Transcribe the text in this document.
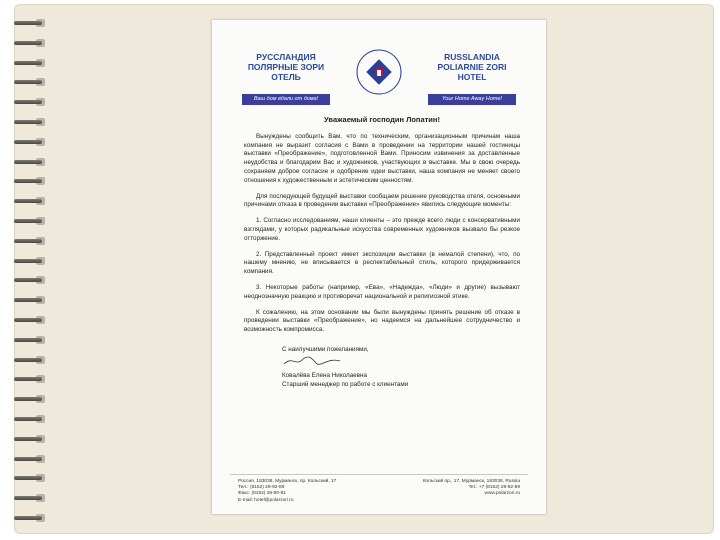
РУССЛАНДИЯ
ПОЛЯРНЫЕ ЗОРИ
ОТЕЛЬ
Ваш дом вдали от дома!
RUSSLANDIA
POLIARNIE ZORI
HOTEL
Your Home Away Home!
Уважаемый господин Лопатин!

Вынуждены сообщить Вам, что по техническим, организационным причинам наша компания не выразит согласия с Вами в проведении на территории нашей гостиницы выставки «Преображение», подготовленной Вами. Приносим извинения за доставленные неудобства и благодарим Вас и художников, участвующих в выставке. Мы в свою очередь сохраняем доброе согласие и одобрение идеи выставки, наша компания не меняет своего отношения к художественным и эстетическим ценностям.

Для последующей будущей выставки сообщаем решение руководства отеля, основными причинами отказа в проведении выставки «Преображение» явились следующие моменты:

1. Согласно исследованиям, наши клиенты – это прежде всего люди с консервативными взглядами, у которых радикальные искусства современных художников вызвало бы резкое отторжение.

2. Представленный проект имеет экспозиции выставки (в немалой степени), что, по нашему мнению, не вписывается в респектабельный стиль, которого придерживается компания.

3. Некоторые работы (например, «Ева», «Надежда», «Люди» и другие) вызывают неоднозначную реакцию и противоречат национальной и религиозной этике.

К сожалению, на этом основании мы были вынуждены принять решение об отказе в проведении выставки «Преображение», но надеемся на дальнейшее сотрудничество и возможность компромисса.

С наилучшими пожеланиями,
Ковалёва Елена Николаевна
Старший менеджер по работе с клиентами
Россия, 183038, Мурманск, пр. Кольский, 17
Тел.: (8152) 28-92-89
Факс: (8152) 28-90-81
E-mail: hotel@polarzori.ru
Кольский пр., 17, Мурманск, 183038, Russia
Tel.: +7 (8152) 28-92-89
www.polarzori.ru
